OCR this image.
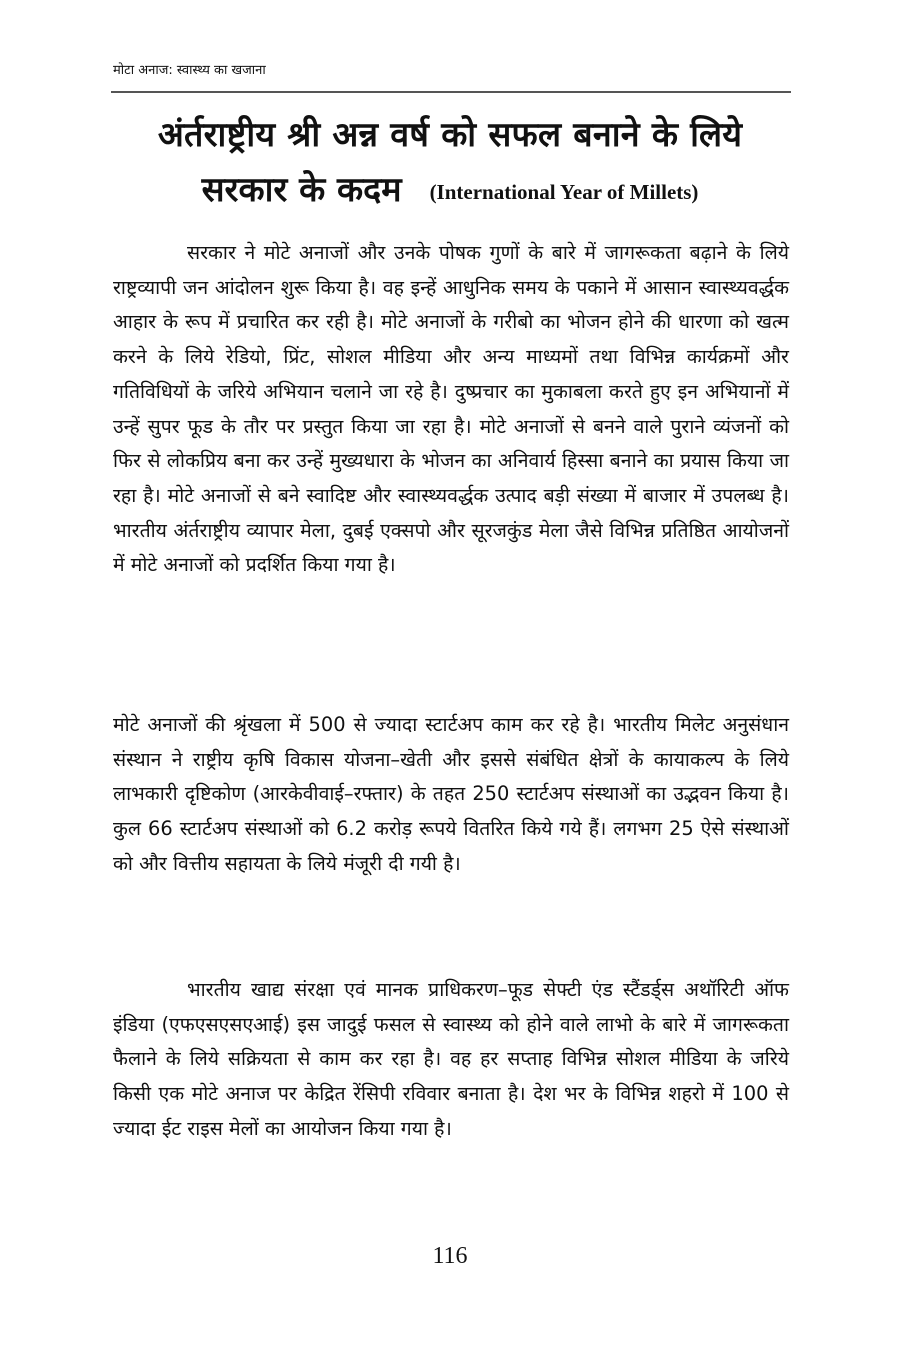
मोटा अनाज: स्वास्थ्य का खजाना
अंर्तराष्ट्रीय श्री अन्न वर्ष को सफल बनाने के लिये
सरकार के कदम (International Year of Millets)

सरकार ने मोटे अनाजों और उनके पोषक गुणों के बारे में जागरूकता बढ़ाने के लिये राष्ट्रव्यापी जन आंदोलन शुरू किया है। वह इन्हें आधुनिक समय के पकाने में आसान स्वास्थ्यवर्द्धक आहार के रूप में प्रचारित कर रही है। मोटे अनाजों के गरीबो का भोजन होने की धारणा को खत्म करने के लिये रेडियो, प्रिंट, सोशल मीडिया और अन्य माध्यमों तथा विभिन्न कार्यक्रमों और गतिविधियों के जरिये अभियान चलाने जा रहे है। दुष्प्रचार का मुकाबला करते हुए इन अभियानों में उन्हें सुपर फूड के तौर पर प्रस्तुत किया जा रहा है। मोटे अनाजों से बनने वाले पुराने व्यंजनों को फिर से लोकप्रिय बना कर उन्हें मुख्यधारा के भोजन का अनिवार्य हिस्सा बनाने का प्रयास किया जा रहा है। मोटे अनाजों से बने स्वादिष्ट और स्वास्थ्यवर्द्धक उत्पाद बड़ी संख्या में बाजार में उपलब्ध है। भारतीय अंर्तराष्ट्रीय व्यापार मेला, दुबई एक्सपो और सूरजकुंड मेला जैसे विभिन्न प्रतिष्ठित आयोजनों में मोटे अनाजों को प्रदर्शित किया गया है।

मोटे अनाजों की श्रृंखला में 500 से ज्यादा स्टार्टअप काम कर रहे है। भारतीय मिलेट अनुसंधान संस्थान ने राष्ट्रीय कृषि विकास योजना–खेती और इससे संबंधित क्षेत्रों के कायाकल्प के लिये लाभकारी दृष्टिकोण (आरकेवीवाई–रफ्तार) के तहत 250 स्टार्टअप संस्थाओं का उद्भवन किया है। कुल 66 स्टार्टअप संस्थाओं को 6.2 करोड़ रूपये वितरित किये गये हैं। लगभग 25 ऐसे संस्थाओं को और वित्तीय सहायता के लिये मंजूरी दी गयी है।

भारतीय खाद्य संरक्षा एवं मानक प्राधिकरण–फूड सेफ्टी एंड स्टैंडर्ड्स अथॉरिटी ऑफ इंडिया (एफएसएसएआई) इस जादुई फसल से स्वास्थ्य को होने वाले लाभो के बारे में जागरूकता फैलाने के लिये सक्रियता से काम कर रहा है। वह हर सप्ताह विभिन्न सोशल मीडिया के जरिये किसी एक मोटे अनाज पर केद्रित रेंसिपी रविवार बनाता है। देश भर के विभिन्न शहरो में 100 से ज्यादा ईट राइस मेलों का आयोजन किया गया है।

116
